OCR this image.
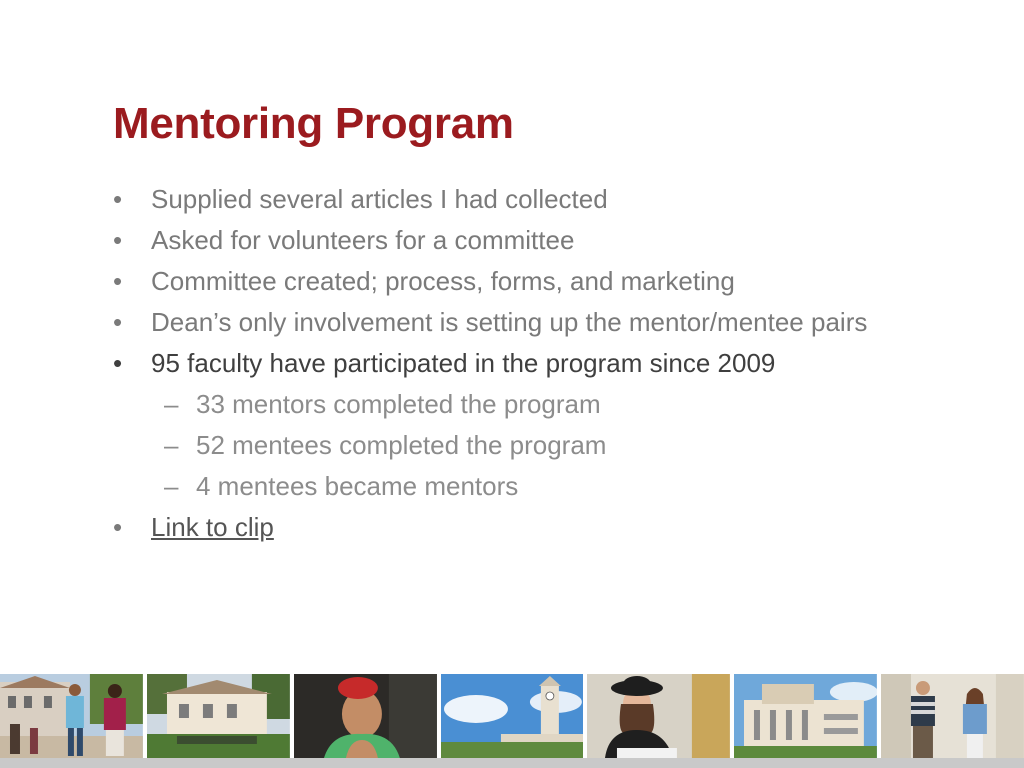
Mentoring Program
• Supplied several articles I had collected
• Asked for volunteers for a committee
• Committee created; process, forms, and marketing
• Dean’s only involvement is setting up the mentor/mentee pairs
• 95 faculty have participated in the program since 2009
– 33 mentors completed the program
– 52 mentees completed the program
– 4 mentees became mentors
• Link to clip
